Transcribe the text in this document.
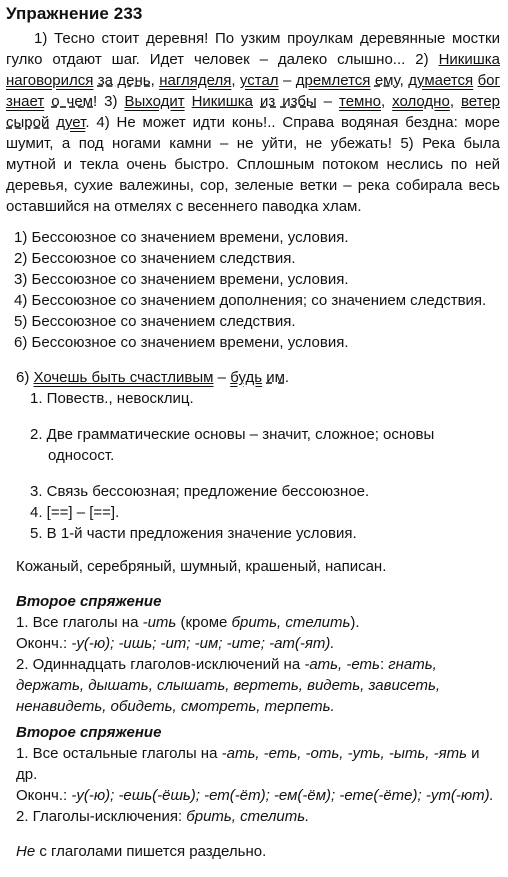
Упражнение 233

1) Тесно стоит деревня! По узким проулкам деревянные мостки гулко отдают шаг. Идет человек – далеко слышно... 2) Никишка наговорился за день, нагляделя, устал – дремлется ему, думается бог знает о чем! 3) Выходит Никишка из избы – темно, холодно, ветер сырой дует. 4) Не может идти конь!.. Справа водяная бездна: море шумит, а под ногами камни – не уйти, не убежать! 5) Река была мутной и текла очень быстро. Сплошным потоком неслись по ней деревья, сухие валежины, сор, зеленые ветки – река собирала весь оставшийся на отмелях с весеннего паводка хлам.

1) Бессоюзное со значением времени, условия.
2) Бессоюзное со значением следствия.
3) Бессоюзное со значением времени, условия.
4) Бессоюзное со значением дополнения; со значением следствия.
5) Бессоюзное со значением следствия.
6) Бессоюзное со значением времени, условия.

6) Хочешь быть счастливым – будь им.

1. Повеств., невосклиц.

2. Две грамматические основы – значит, сложное; основы односост.

3. Связь бессоюзная; предложение бессоюзное.

4. [==] – [==].

5. В 1-й части предложения значение условия.

Кожаный, серебряный, шумный, крашеный, написан.

Второе спряжение

1. Все глаголы на -ить (кроме брить, стелить).

Оконч.: -у(-ю); -ишь; -ит; -им; -ите; -ат(-ят).

2. Одиннадцать глаголов-исключений на -ать, -еть: гнать, держать, дышать, слышать, вертеть, видеть, зависеть, ненавидеть, обидеть, смотреть, терпеть.

Второе спряжение

1. Все остальные глаголы на -ать, -еть, -оть, -уть, -ыть, -ять и др.

Оконч.: -у(-ю); -ешь(-ёшь); -ет(-ёт); -ем(-ём); -ете(-ёте); -ут(-ют).

2. Глаголы-исключения: брить, стелить.

Не с глаголами пишется раздельно.
